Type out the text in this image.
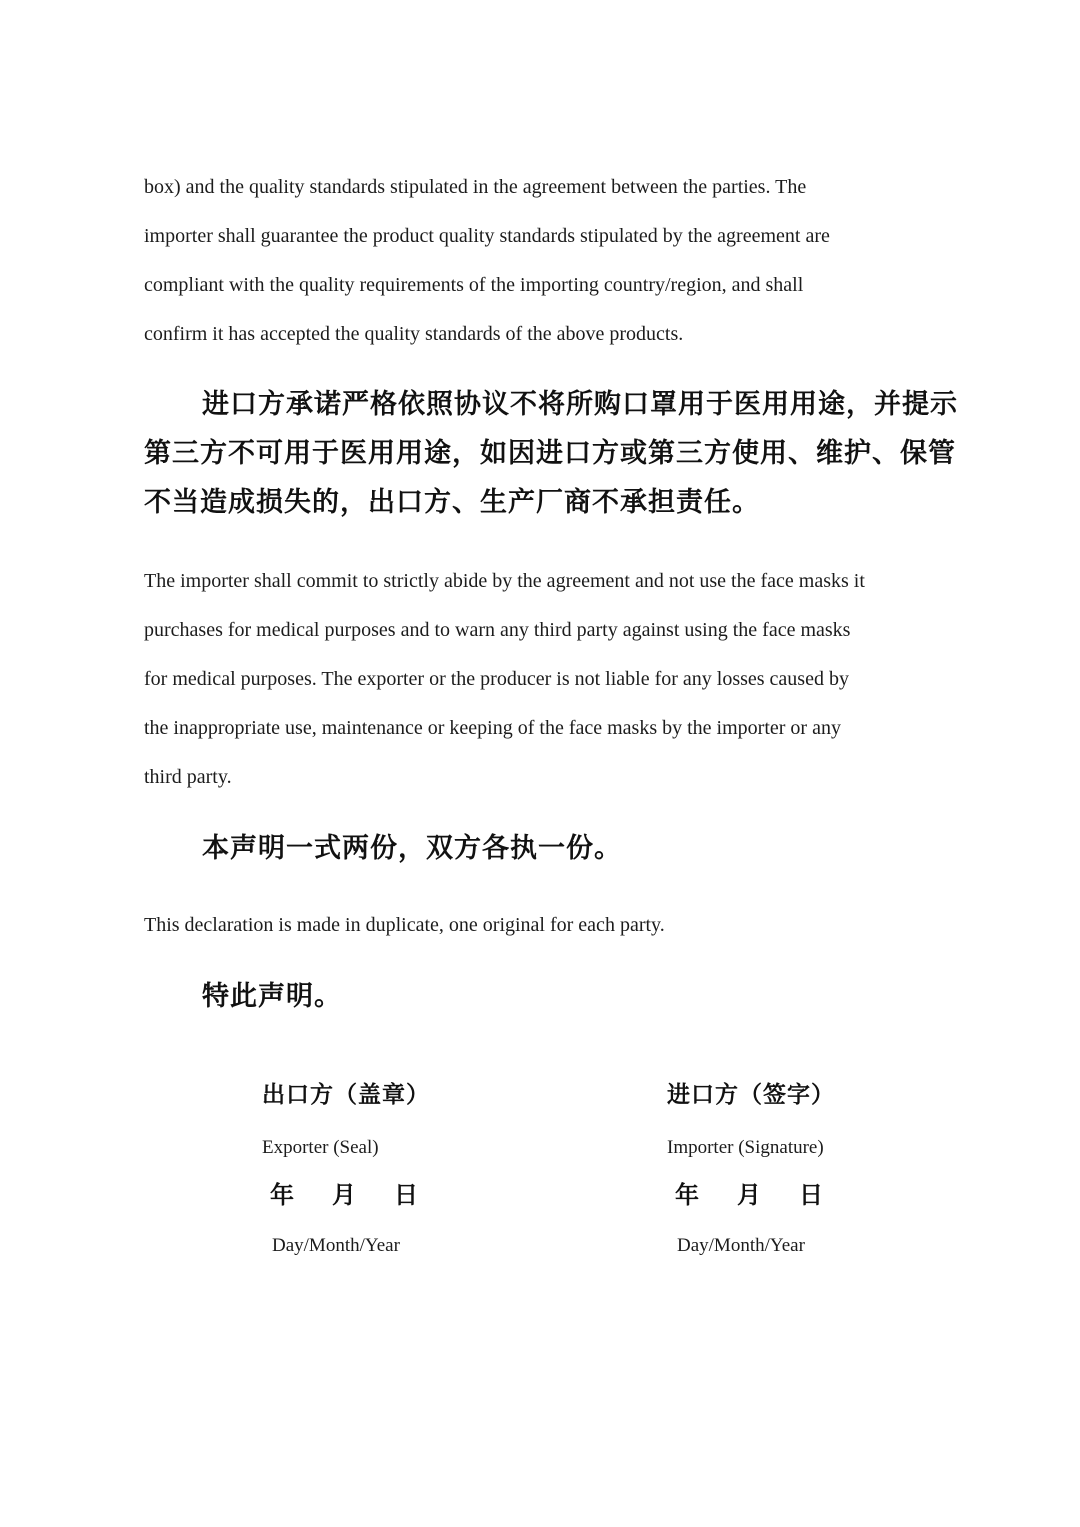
box) and the quality standards stipulated in the agreement between the parties. The
importer shall guarantee the product quality standards stipulated by the agreement are
compliant with the quality requirements of the importing country/region, and shall
confirm it has accepted the quality standards of the above products.
进口方承诺严格依照协议不将所购口罩用于医用用途，并提示
第三方不可用于医用用途，如因进口方或第三方使用、维护、保管
不当造成损失的，出口方、生产厂商不承担责任。
The importer shall commit to strictly abide by the agreement and not use the face masks it
purchases for medical purposes and to warn any third party against using the face masks
for medical purposes. The exporter or the producer is not liable for any losses caused by
the inappropriate use, maintenance or keeping of the face masks by the importer or any
third party.
本声明一式两份，双方各执一份。
This declaration is made in duplicate, one original for each party.
特此声明。
出口方（盖章）
Exporter (Seal)
年 月 日
Day/Month/Year
进口方（签字）
Importer (Signature)
年 月 日
Day/Month/Year
